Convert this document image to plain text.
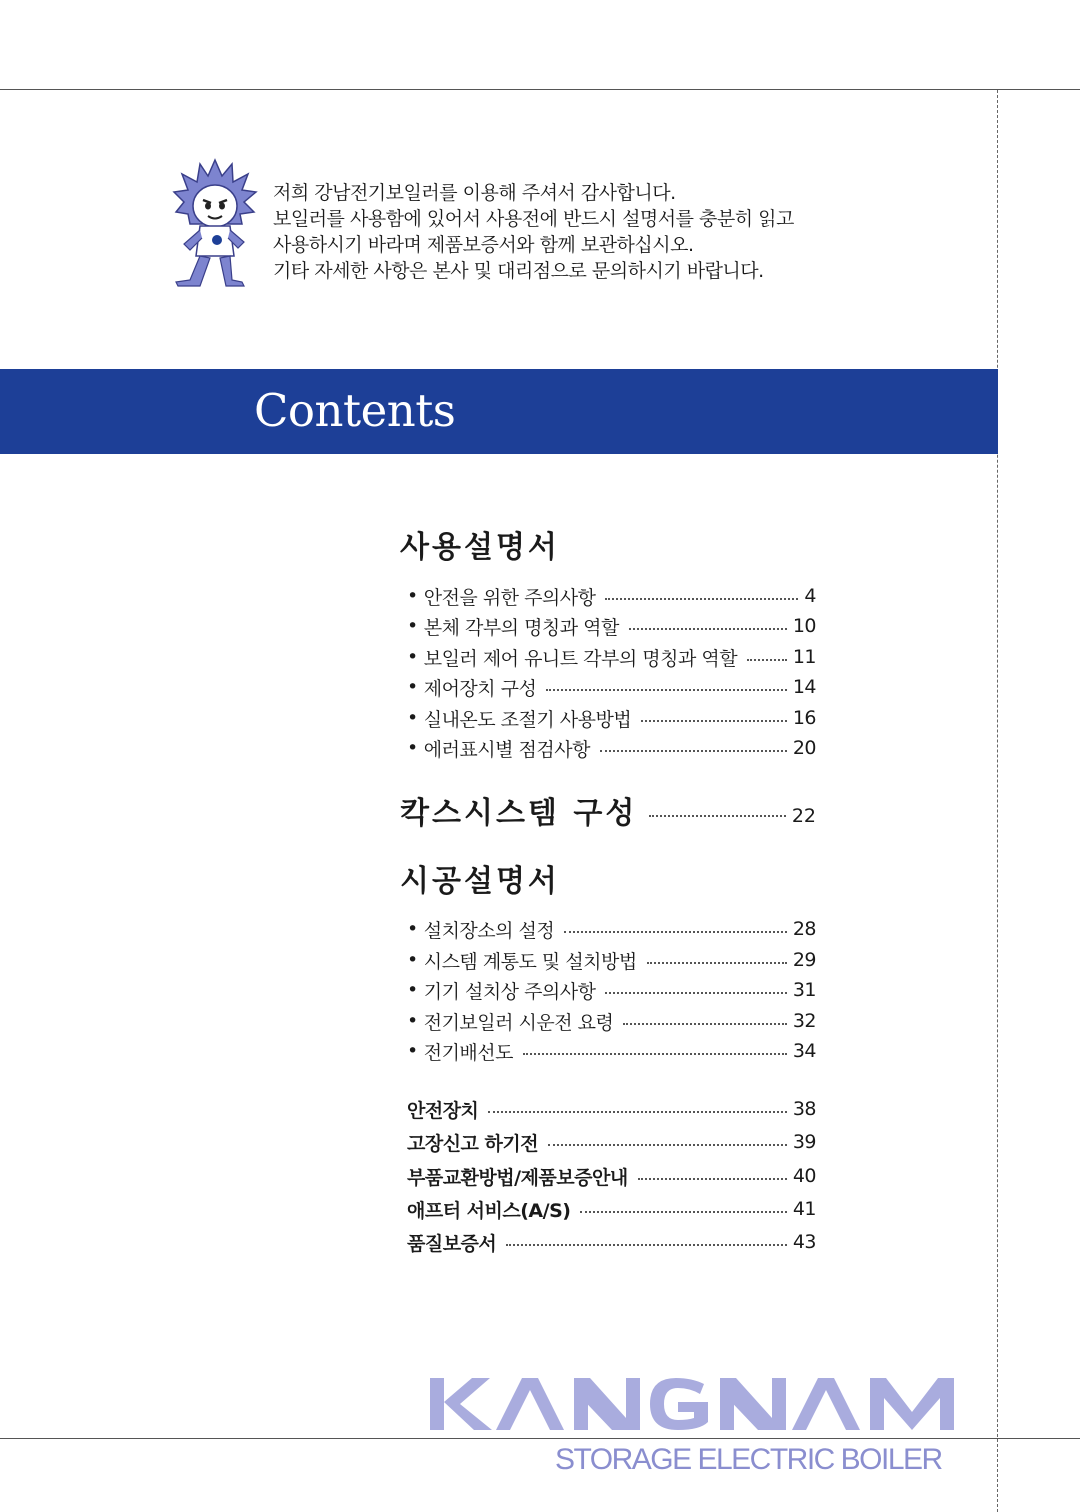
저희 강남전기보일러를 이용해 주셔서 감사합니다.
보일러를 사용함에 있어서 사용전에 반드시 설명서를 충분히 읽고
사용하시기 바라며 제품보증서와 함께 보관하십시오.
기타 자세한 사항은 본사 및 대리점으로 문의하시기 바랍니다.
Contents
사용설명서
• 안전을 위한 주의사항	4
• 본체 각부의 명칭과 역할	10
• 보일러 제어 유니트 각부의 명칭과 역할	11
• 제어장치 구성	14
• 실내온도 조절기 사용방법	16
• 에러표시별 점검사항	20
칵스시스템 구성	22
시공설명서
• 설치장소의 설정	28
• 시스템 계통도 및 설치방법	29
• 기기 설치상 주의사항	31
• 전기보일러 시운전 요령	32
• 전기배선도	34
안전장치	38
고장신고 하기전	39
부품교환방법/제품보증안내	40
애프터 서비스(A/S)	41
품질보증서	43
STORAGE ELECTRIC BOILER
